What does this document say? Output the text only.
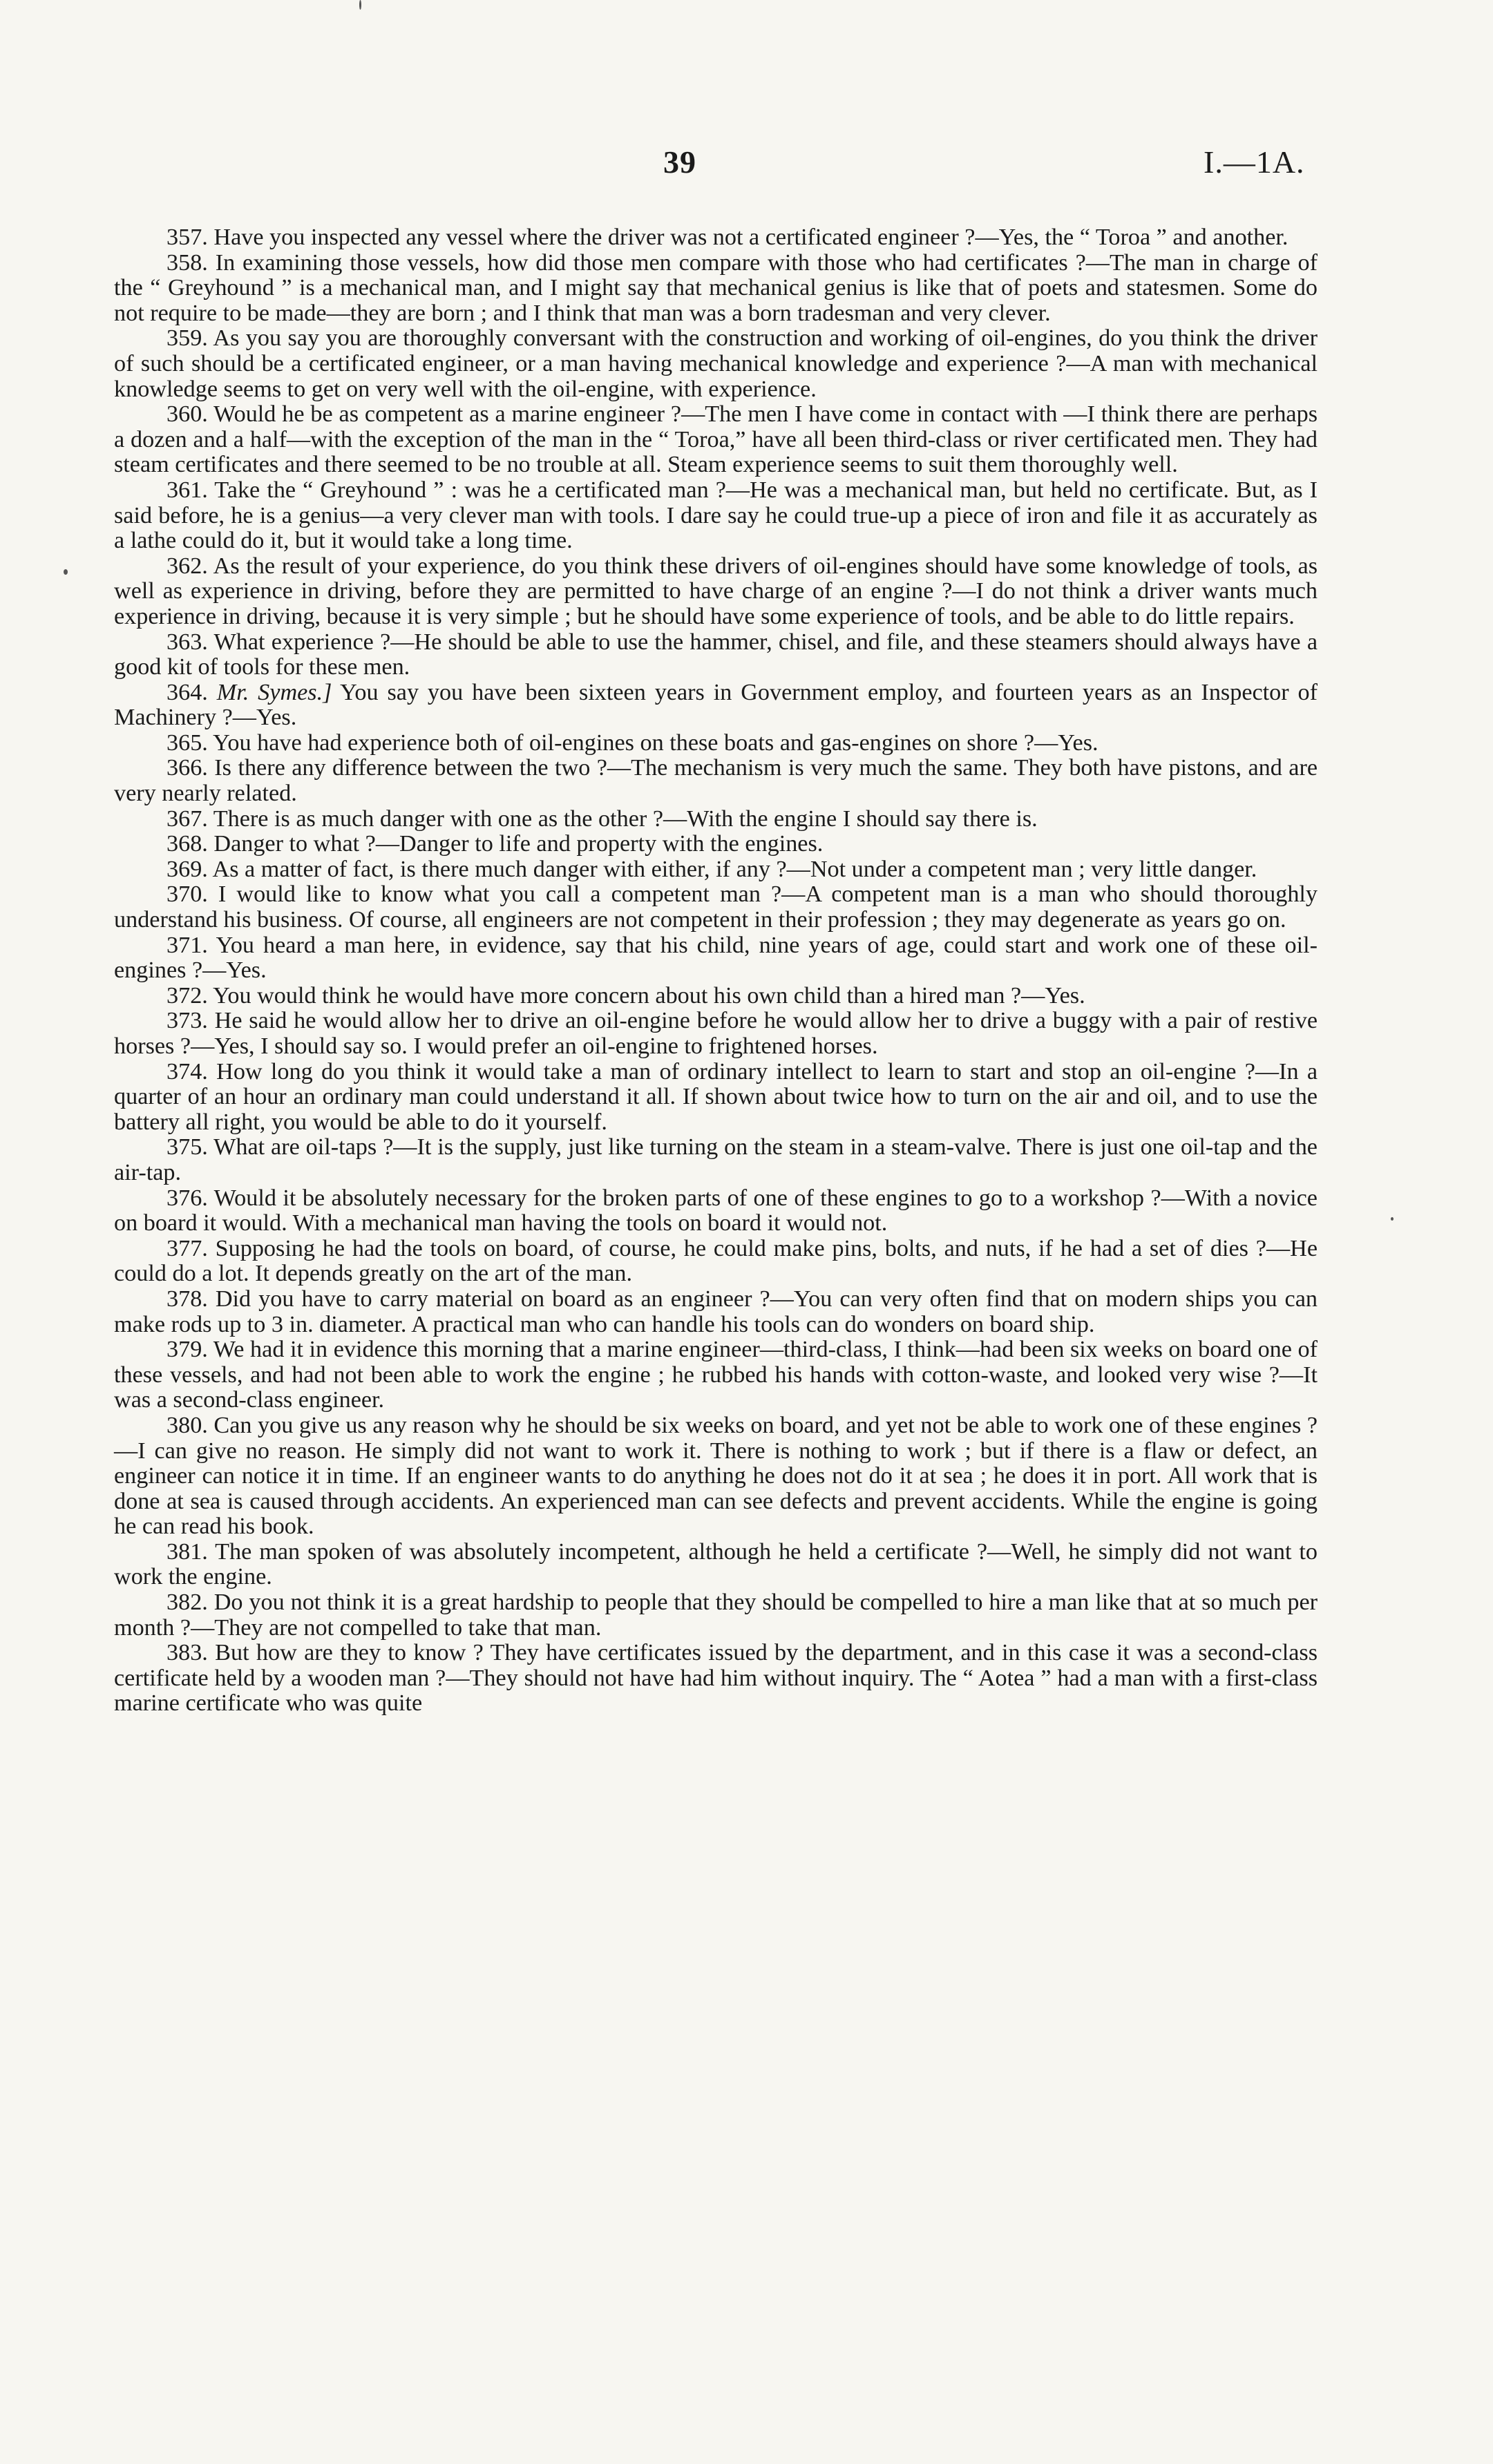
39	I.—1A.

357. Have you inspected any vessel where the driver was not a certificated engineer ?—Yes, the “ Toroa ” and another.

358. In examining those vessels, how did those men compare with those who had certificates ?—The man in charge of the “ Greyhound ” is a mechanical man, and I might say that mechanical genius is like that of poets and statesmen. Some do not require to be made—they are born ; and I think that man was a born tradesman and very clever.

359. As you say you are thoroughly conversant with the construction and working of oil-engines, do you think the driver of such should be a certificated engineer, or a man having mechanical knowledge and experience ?—A man with mechanical knowledge seems to get on very well with the oil-engine, with experience.

360. Would he be as competent as a marine engineer ?—The men I have come in contact with —I think there are perhaps a dozen and a half—with the exception of the man in the “ Toroa,” have all been third-class or river certificated men. They had steam certificates and there seemed to be no trouble at all. Steam experience seems to suit them thoroughly well.

361. Take the “ Greyhound ” : was he a certificated man ?—He was a mechanical man, but held no certificate. But, as I said before, he is a genius—a very clever man with tools. I dare say he could true-up a piece of iron and file it as accurately as a lathe could do it, but it would take a long time.

362. As the result of your experience, do you think these drivers of oil-engines should have some knowledge of tools, as well as experience in driving, before they are permitted to have charge of an engine ?—I do not think a driver wants much experience in driving, because it is very simple ; but he should have some experience of tools, and be able to do little repairs.

363. What experience ?—He should be able to use the hammer, chisel, and file, and these steamers should always have a good kit of tools for these men.

364. Mr. Symes.] You say you have been sixteen years in Government employ, and fourteen years as an Inspector of Machinery ?—Yes.

365. You have had experience both of oil-engines on these boats and gas-engines on shore ?—Yes.

366. Is there any difference between the two ?—The mechanism is very much the same. They both have pistons, and are very nearly related.

367. There is as much danger with one as the other ?—With the engine I should say there is.

368. Danger to what ?—Danger to life and property with the engines.

369. As a matter of fact, is there much danger with either, if any ?—Not under a competent man ; very little danger.

370. I would like to know what you call a competent man ?—A competent man is a man who should thoroughly understand his business. Of course, all engineers are not competent in their profession ; they may degenerate as years go on.

371. You heard a man here, in evidence, say that his child, nine years of age, could start and work one of these oil-engines ?—Yes.

372. You would think he would have more concern about his own child than a hired man ?—Yes.

373. He said he would allow her to drive an oil-engine before he would allow her to drive a buggy with a pair of restive horses ?—Yes, I should say so. I would prefer an oil-engine to frightened horses.

374. How long do you think it would take a man of ordinary intellect to learn to start and stop an oil-engine ?—In a quarter of an hour an ordinary man could understand it all. If shown about twice how to turn on the air and oil, and to use the battery all right, you would be able to do it yourself.

375. What are oil-taps ?—It is the supply, just like turning on the steam in a steam-valve. There is just one oil-tap and the air-tap.

376. Would it be absolutely necessary for the broken parts of one of these engines to go to a workshop ?—With a novice on board it would. With a mechanical man having the tools on board it would not.

377. Supposing he had the tools on board, of course, he could make pins, bolts, and nuts, if he had a set of dies ?—He could do a lot. It depends greatly on the art of the man.

378. Did you have to carry material on board as an engineer ?—You can very often find that on modern ships you can make rods up to 3 in. diameter. A practical man who can handle his tools can do wonders on board ship.

379. We had it in evidence this morning that a marine engineer—third-class, I think—had been six weeks on board one of these vessels, and had not been able to work the engine ; he rubbed his hands with cotton-waste, and looked very wise ?—It was a second-class engineer.

380. Can you give us any reason why he should be six weeks on board, and yet not be able to work one of these engines ?—I can give no reason. He simply did not want to work it. There is nothing to work ; but if there is a flaw or defect, an engineer can notice it in time. If an engineer wants to do anything he does not do it at sea ; he does it in port. All work that is done at sea is caused through accidents. An experienced man can see defects and prevent accidents. While the engine is going he can read his book.

381. The man spoken of was absolutely incompetent, although he held a certificate ?—Well, he simply did not want to work the engine.

382. Do you not think it is a great hardship to people that they should be compelled to hire a man like that at so much per month ?—They are not compelled to take that man.

383. But how are they to know ? They have certificates issued by the department, and in this case it was a second-class certificate held by a wooden man ?—They should not have had him without inquiry. The “ Aotea ” had a man with a first-class marine certificate who was quite
